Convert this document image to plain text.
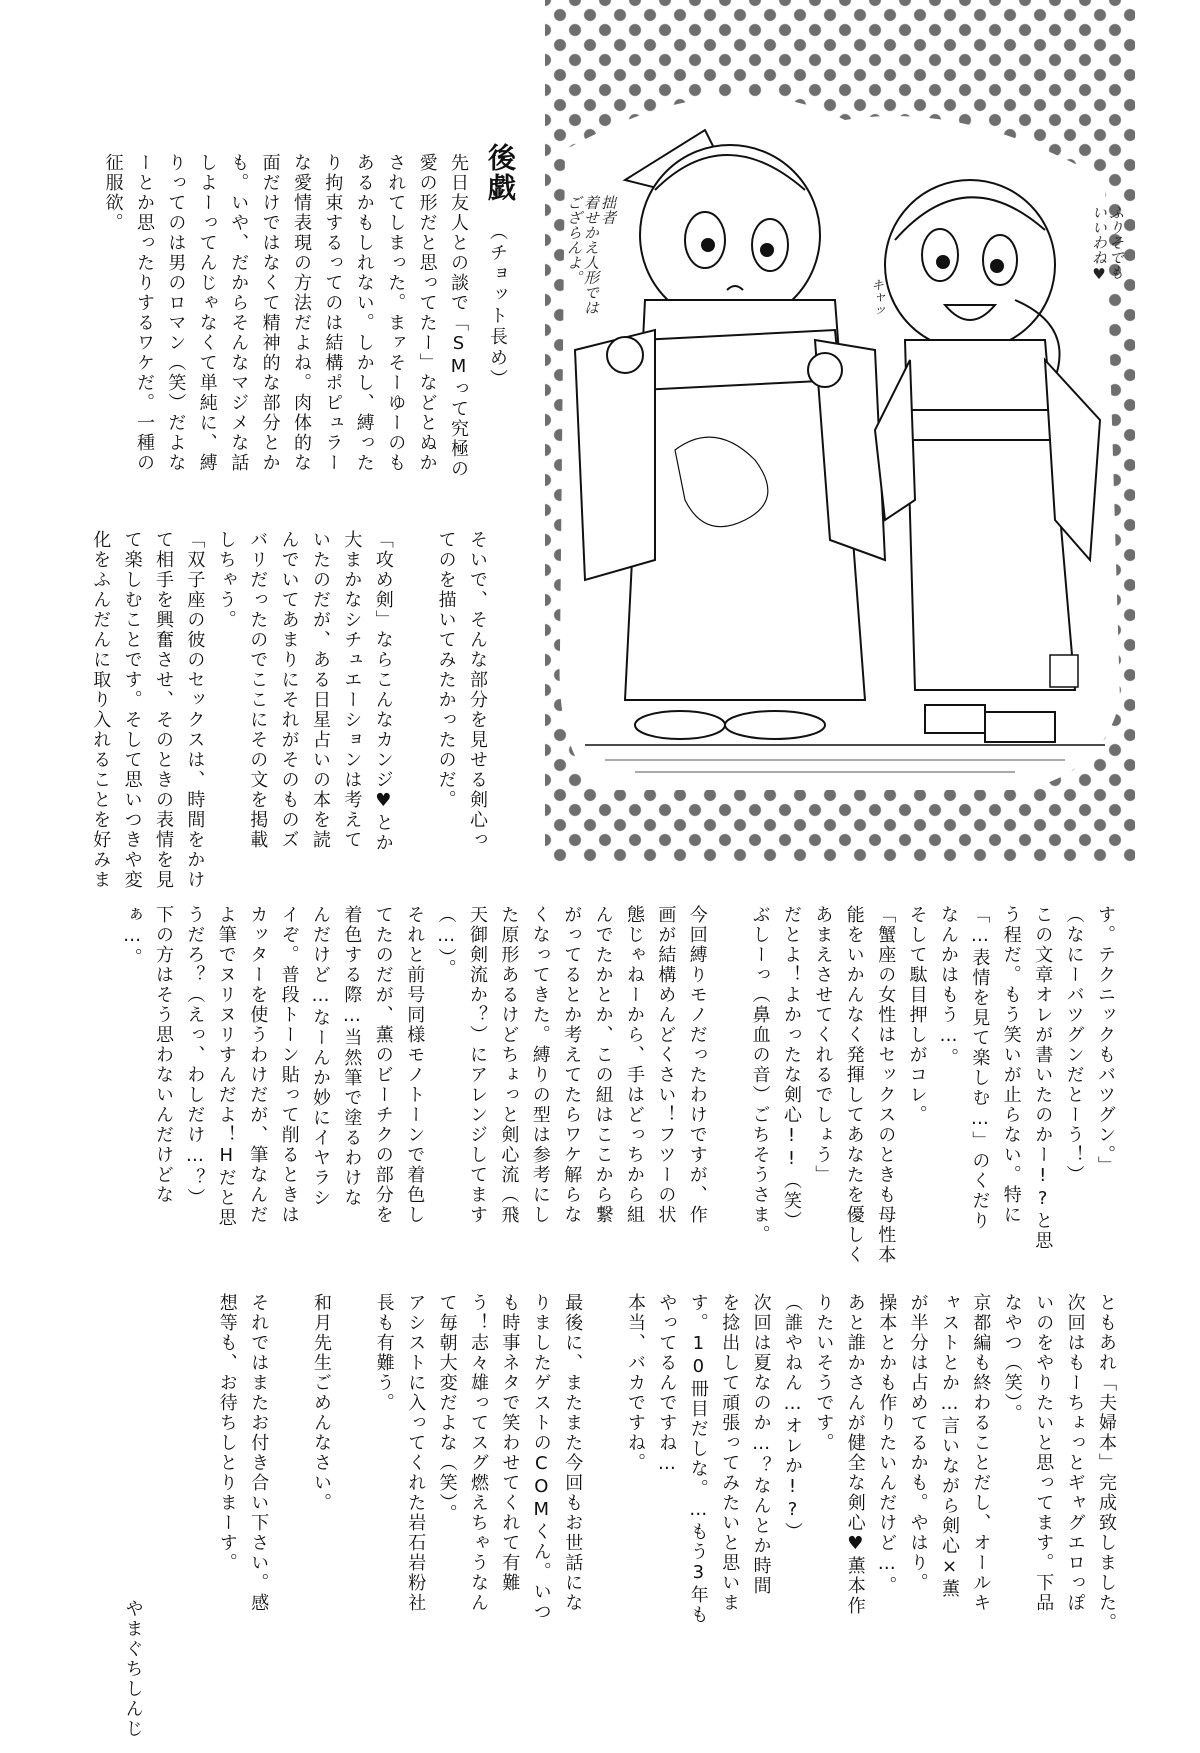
後戯
（チョット長め）
先日友人との談で「SMって究極の
愛の形だと思ってたー」などとぬか
されてしまった。まァそーゆーのも
あるかもしれない。しかし、縛った
り拘束するってのは結構ポピュラー
な愛情表現の方法だよね。肉体的な
面だけではなくて精神的な部分とか
も。いや、だからそんなマジメな話
しよーってんじゃなくて単純に、縛
りってのは男のロマン（笑）だよな
ーとか思ったりするワケだ。一種の
征服欲。
そいで、そんな部分を見せる剣心っ
てのを描いてみたかったのだ。
「攻め剣」ならこんなカンジ♥とか
大まかなシチュエーションは考えて
いたのだが、ある日星占いの本を読
んでいてあまりにそれがそのものズ
バリだったのでここにその文を掲載
しちゃう。
「双子座の彼のセックスは、時間をかけ
て相手を興奮させ、そのときの表情を見
て楽しむことです。そして思いつきや変
化をふんだんに取り入れることを好みま
す。テクニックもバツグン。」
（なにーバツグンだとーう！）
この文章オレが書いたのかー!?と思
う程だ。もう笑いが止らない。特に
「…表情を見て楽しむ…」のくだり
なんかはもう…。
そして駄目押しがコレ。
「蟹座の女性はセックスのときも母性本
能をいかんなく発揮してあなたを優しく
あまえさせてくれるでしょう」
だとよ！よかったな剣心!!（笑）
ぶしーっ（鼻血の音）ごちそうさま。
今回縛りモノだったわけですが、作
画が結構めんどくさい！フツーの状
態じゃねーから、手はどっちから組
んでたかとか、この紐はここから繋
がってるとか考えてたらワケ解らな
くなってきた。縛りの型は参考にし
た原形あるけどちょっと剣心流（飛
天御剣流か？）にアレンジしてます
（…）。
それと前号同様モノトーンで着色し
てたのだが、薫のビーチクの部分を
着色する際…当然筆で塗るわけな
んだけど…なーんか妙にイヤラシ
イぞ。普段トーン貼って削るときは
カッターを使うわけだが、筆なんだ
よ筆でヌリヌリすんだよ！Hだと思
うだろ？（えっ、わしだけ…？）
下の方はそう思わないんだけどな
ぁ…。
ともあれ「夫婦本」完成致しました。
次回はもーちょっとギャグエロっぽ
いのをやりたいと思ってます。下品
なやつ（笑）。
京都編も終わることだし、オールキ
ャストとか…言いながら剣心×薫
が半分は占めてるかも。やはり。
操本とかも作りたいんだけど…。
あと誰かさんが健全な剣心♥薫本作
りたいそうです。
（誰やねん…オレか!?）
次回は夏なのか…？なんとか時間
を捻出して頑張ってみたいと思いま
す。10冊目だしな。…もう3年も
やってるんですね…
本当、バカですね。
最後に、またまた今回もお世話にな
りましたゲストのCOMくん。いつ
も時事ネタで笑わせてくれて有難
う！志々雄ってスグ燃えちゃうなん
て毎朝大変だよな（笑）。
アシストに入ってくれた岩石岩粉社
長も有難う。
和月先生ごめんなさい。
それではまたお付き合い下さい。感
想等も、お待ちしとりまーす。
やまぐちしんじ
拙者
着せかえ人形では
ござらんよ。	ふりそでも
いいわね♥
キャッ
